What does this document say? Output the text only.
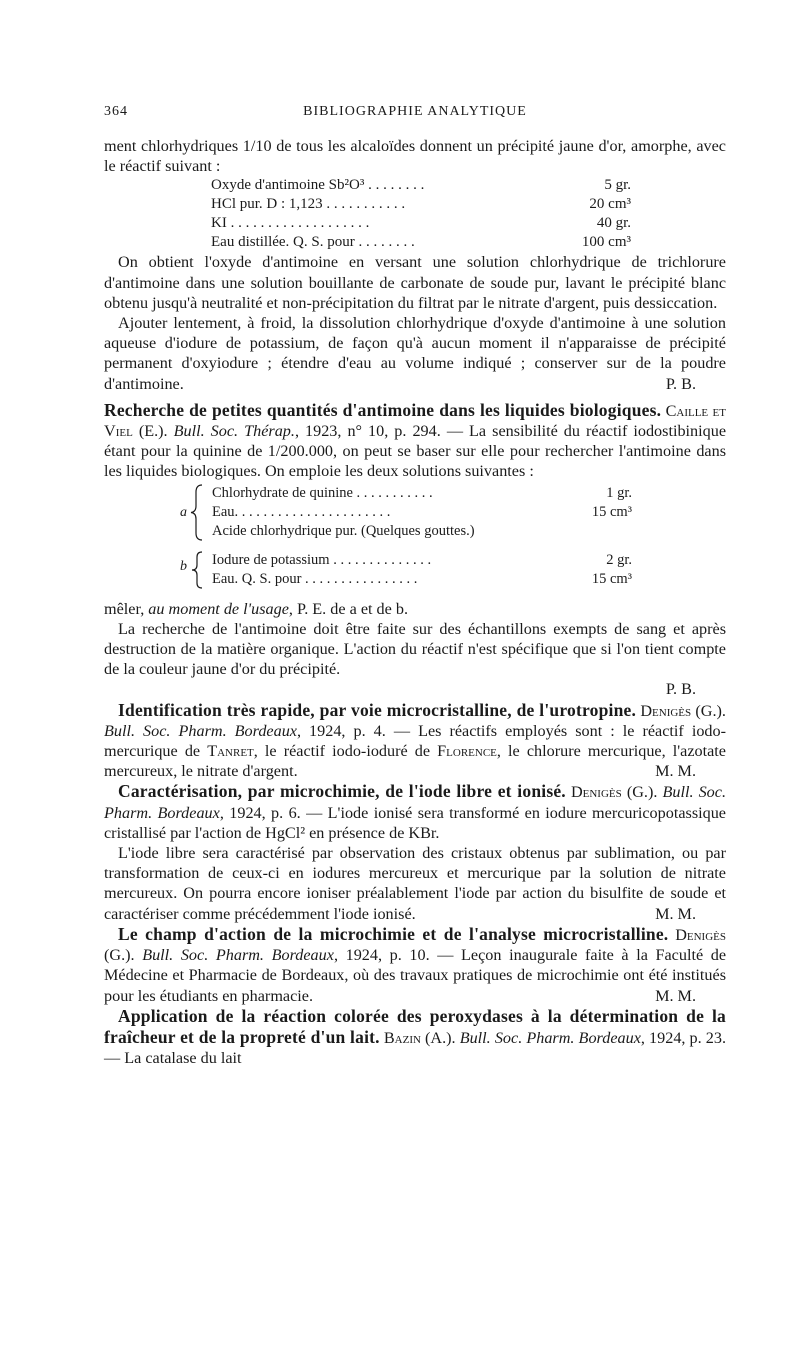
364	BIBLIOGRAPHIE ANALYTIQUE

ment chlorhydriques 1/10 de tous les alcaloïdes donnent un précipité jaune d'or, amorphe, avec le réactif suivant :

Oxyde d'antimoine Sb²O³ . . . . . . . .	5 gr.
HCl pur. D : 1,123 . . . . . . . . . . .	20 cm³
KI . . . . . . . . . . . . . . . . . . .	40 gr.
Eau distillée. Q. S. pour . . . . . . . .	100 cm³

On obtient l'oxyde d'antimoine en versant une solution chlorhydrique de trichlorure d'antimoine dans une solution bouillante de carbonate de soude pur, lavant le précipité blanc obtenu jusqu'à neutralité et non-précipitation du filtrat par le nitrate d'argent, puis dessiccation.

Ajouter lentement, à froid, la dissolution chlorhydrique d'oxyde d'antimoine à une solution aqueuse d'iodure de potassium, de façon qu'à aucun moment il n'apparaisse de précipité permanent d'oxyiodure ; étendre d'eau au volume indiqué ; conserver sur de la poudre d'antimoine.	P. B.

Recherche de petites quantités d'antimoine dans les liquides biologiques. Caille et Viel (E.). Bull. Soc. Thérap., 1923, n° 10, p. 294. — La sensibilité du réactif iodostibinique étant pour la quinine de 1/200.000, on peut se baser sur elle pour rechercher l'antimoine dans les liquides biologiques. On emploie les deux solutions suivantes :

a
Chlorhydrate de quinine . . . . . . . . . . .	1 gr.
Eau. . . . . . . . . . . . . . . . . . . . . .	15 cm³
Acide chlorhydrique pur. (Quelques gouttes.)
b Iodure de potassium . . . . . . . . . . . . . .	2 gr.
Eau. Q. S. pour . . . . . . . . . . . . . . . .	15 cm³

mêler, au moment de l'usage, P. E. de a et de b.

La recherche de l'antimoine doit être faite sur des échantillons exempts de sang et après destruction de la matière organique. L'action du réactif n'est spécifique que si l'on tient compte de la couleur jaune d'or du précipité.

P. B.

Identification très rapide, par voie microcristalline, de l'urotropine. Denigès (G.). Bull. Soc. Pharm. Bordeaux, 1924, p. 4. — Les réactifs employés sont : le réactif iodo-mercurique de Tanret, le réactif iodo-ioduré de Florence, le chlorure mercurique, l'azotate mercureux, le nitrate d'argent.	M. M.

Caractérisation, par microchimie, de l'iode libre et ionisé. Denigès (G.). Bull. Soc. Pharm. Bordeaux, 1924, p. 6. — L'iode ionisé sera transformé en iodure mercuricopotassique cristallisé par l'action de HgCl² en présence de KBr.

L'iode libre sera caractérisé par observation des cristaux obtenus par sublimation, ou par transformation de ceux-ci en iodures mercureux et mercurique par la solution de nitrate mercureux. On pourra encore ioniser préalablement l'iode par action du bisulfite de soude et caractériser comme précédemment l'iode ionisé.	M. M.

Le champ d'action de la microchimie et de l'analyse microcristalline. Denigès (G.). Bull. Soc. Pharm. Bordeaux, 1924, p. 10. — Leçon inaugurale faite à la Faculté de Médecine et Pharmacie de Bordeaux, où des travaux pratiques de microchimie ont été institués pour les étudiants en pharmacie.	M. M.

Application de la réaction colorée des peroxydases à la détermination de la fraîcheur et de la propreté d'un lait. Bazin (A.). Bull. Soc. Pharm. Bordeaux, 1924, p. 23. — La catalase du lait
